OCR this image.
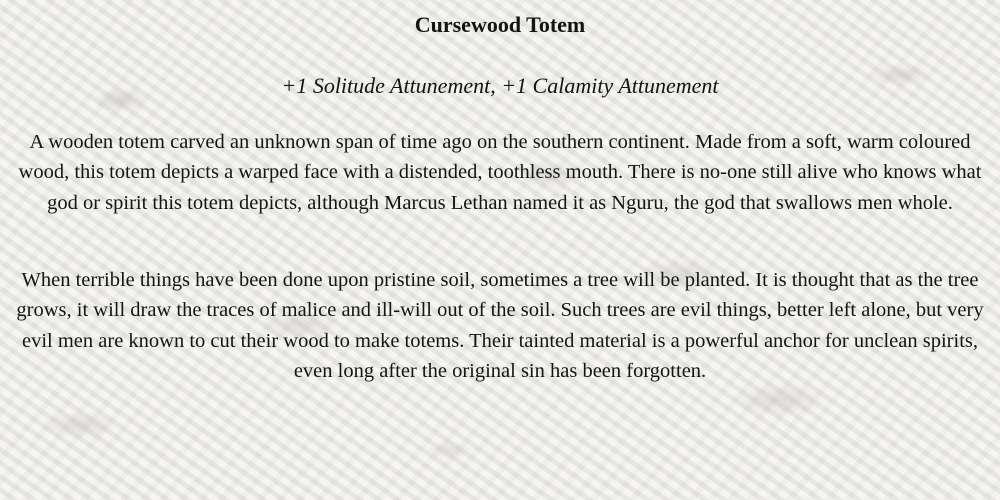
Cursewood Totem
+1 Solitude Attunement, +1 Calamity Attunement

A wooden totem carved an unknown span of time ago on the southern continent. Made from a soft, warm coloured wood, this totem depicts a warped face with a distended, toothless mouth. There is no-one still alive who knows what god or spirit this totem depicts, although Marcus Lethan named it as Nguru, the god that swallows men whole.

When terrible things have been done upon pristine soil, sometimes a tree will be planted. It is thought that as the tree grows, it will draw the traces of malice and ill-will out of the soil. Such trees are evil things, better left alone, but very evil men are known to cut their wood to make totems. Their tainted material is a powerful anchor for unclean spirits, even long after the original sin has been forgotten.
